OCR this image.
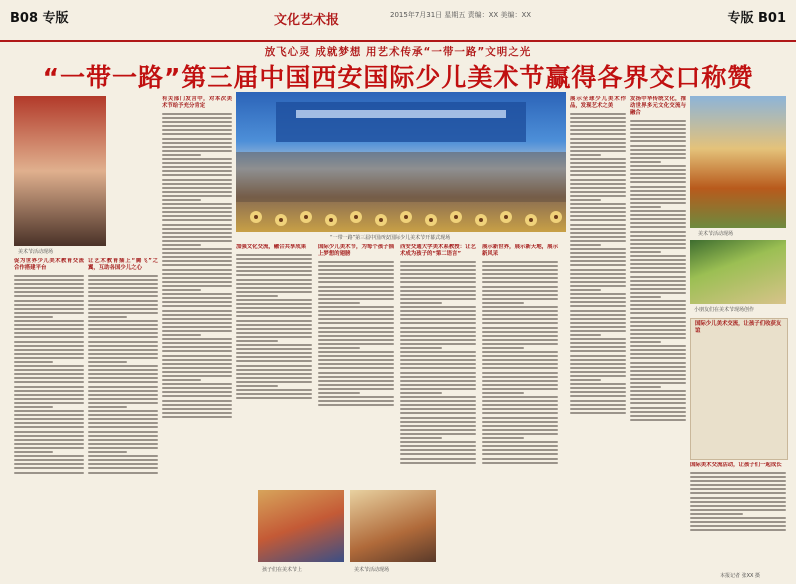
B08 专版	文化艺术报	2015年7月31日 星期五 责编：XX 美编：XX	专版 B01
放飞心灵 成就梦想 用艺术传承“一带一路”文明之光
“一带一路”第三届中国西安国际少儿美术节赢得各界交口称赞
“一带一路”第三届中国西安国际少儿美术节开幕式现场
美术节活动现场
美术节活动现场
小朋友们在美术节现场创作
国际少儿美术交流，让孩子们收获友谊
孩子们在美术节上	美术节活动现场
促为世界少儿美术教育交流合作搭建平台
让艺术教育插上“腾飞”之翼，互助各国少儿之心
有关部门发言中，对本次美术节给予充分肯定
加强文化交流，融合共享成果	国际少儿美术节，为每个孩子插上梦想的翅膀
西安交通大学美术系教授：让艺术成为孩子的“第二语言”
展示新世界，展示新天地，展示新风采
展示全球少儿美术作品，发现艺术之美
发扬中华传统文化，推动世界多元文化交流与融合
国际美术交流活动，让孩子们一起成长
本报记者 张XX 摄
